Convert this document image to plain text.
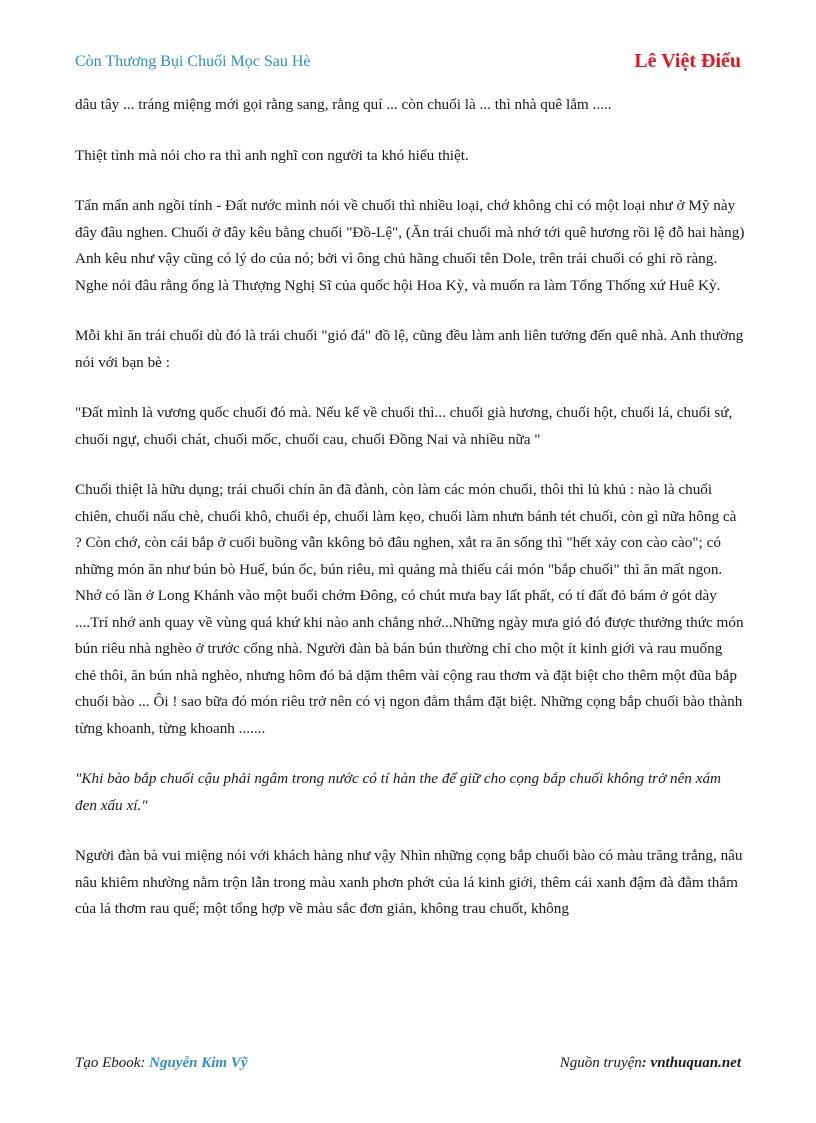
Còn Thương Bụi Chuối Mọc Sau Hè	Lê Việt Điểu

dâu tây ... tráng miệng mới gọi rằng sang, rằng quí ... còn chuối là ... thì nhà quê lắm .....

Thiệt tình mà nói cho ra thì anh nghĩ con người ta khó hiểu thiệt.

Tẩn mẩn anh ngồi tính - Đất nước mình nói về chuối thì nhiều loại, chớ không chỉ có một loại như ở Mỹ này đây đâu nghen. Chuối ở đây kêu bằng chuối "Đồ-Lệ", (Ăn trái chuối mà nhớ tới quê hương rồi lệ đỗ hai hàng) Anh kêu như vậy cũng có lý do của nó; bởi vì ông chủ hãng chuối tên Dole, trên trái chuối có ghi rõ ràng. Nghe nói đâu rằng ổng là Thượng Nghị Sĩ của quốc hội Hoa Kỳ, và muốn ra làm Tổng Thống xứ Huê Kỳ.

Mỗi khi ăn trái chuối dù đó là trái chuối "gió đá" đồ lệ, cũng đều làm anh liên tưởng đến quê nhà. Anh thường nói với bạn bè :

"Đất mình là vương quốc chuối đó mà. Nếu kể về chuối thì... chuối già hương, chuối hột, chuối lá, chuối sứ, chuối ngự, chuối chát, chuối mốc, chuối cau, chuối Đồng Nai và nhiều nữa "

Chuối thiệt là hữu dụng; trái chuối chín ăn đã đành, còn làm các món chuối, thôi thì lủ khủ : nào là chuối chiên, chuối nấu chè, chuối khô, chuối ép, chuối làm kẹo, chuối làm nhưn bánh tét chuối, còn gì nữa hông cà ? Còn chớ, còn cái bắp ở cuối buồng vẫn kkông bỏ đâu nghen, xắt ra ăn sống thì "hết xảy con cào cào"; có những món ăn như bún bò Huế, bún ốc, bún riêu, mì quảng mà thiếu cái món "bắp chuối" thì ăn mất ngon. Nhớ có lần ở Long Khánh vào một buổi chớm Đông, có chút mưa bay lất phất, có tí đất đỏ bám ở gót dày ....Trí nhớ anh quay về vùng quá khứ khi nào anh chẳng nhớ...Những ngày mưa gió đó được thưởng thức món bún riêu nhà nghèo ở trước cổng nhà. Người đàn bà bán bún thường chỉ cho một ít kinh giới và rau muống chẻ thôi, ăn bún nhà nghèo, nhưng hôm đó bả dặm thêm vài cộng rau thơm và đặt biệt cho thêm một đũa bắp chuối bào ... Ôi ! sao bữa đó món riêu trở nên có vị ngon đằm thắm đặt biệt. Những cọng bắp chuối bào thành từng khoanh, từng khoanh .......

"Khi bào bắp chuối cậu phải ngâm trong nước có tí hàn the để giữ cho cọng bắp chuối không trở nên xám đen xấu xí."

Người đàn bà vui miệng nói với khách hàng như vậy Nhìn những cọng bắp chuối bào có màu trăng trắng, nâu nâu khiêm nhường nằm trộn lẫn trong màu xanh phơn phớt của lá kinh giới, thêm cái xanh đậm đà đằm thắm của lá thơm rau quế; một tổng hợp về màu sắc đơn giản, không trau chuốt, không

Tạo Ebook: Nguyễn Kim Vỹ	Nguồn truyện: vnthuquan.net
